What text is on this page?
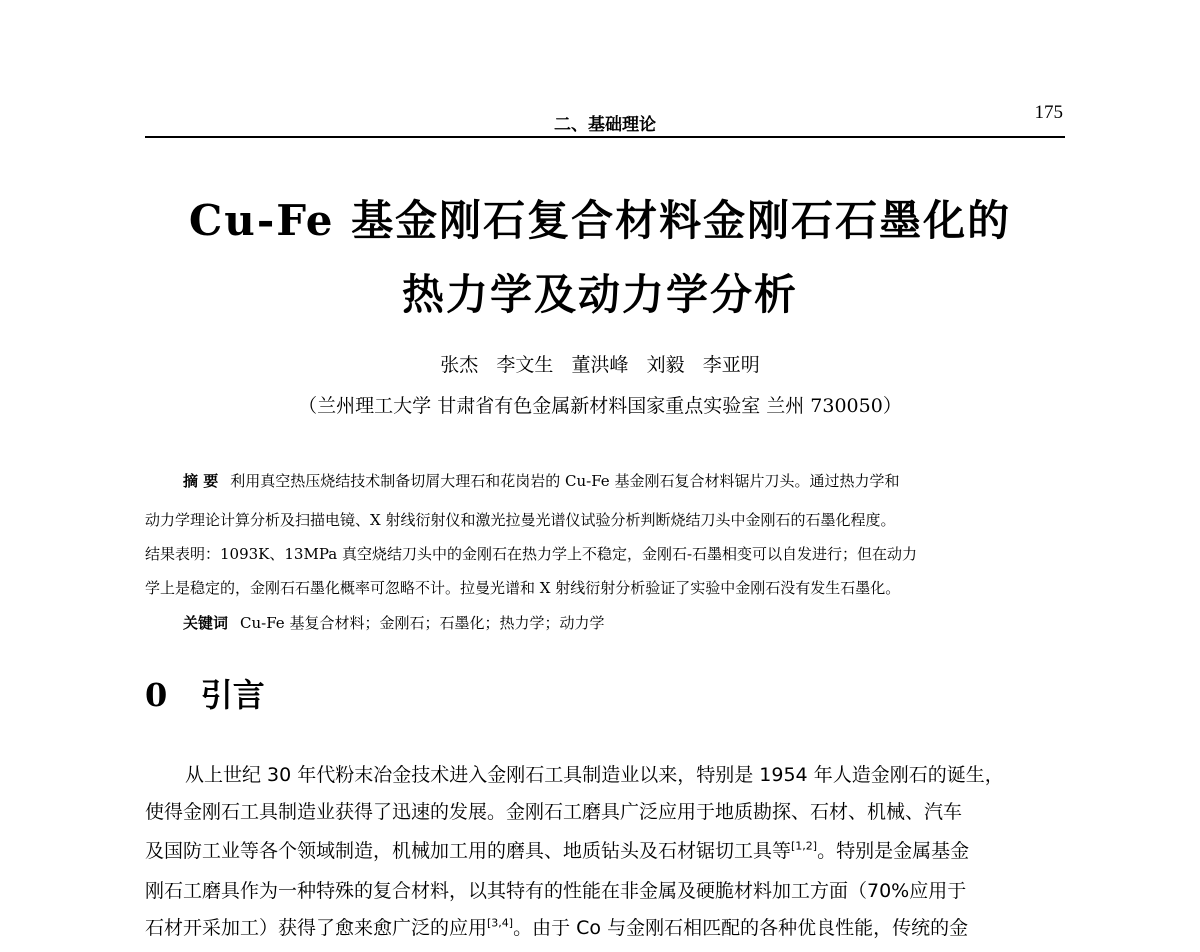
二、基础理论
175
Cu-Fe 基金刚石复合材料金刚石石墨化的
热力学及动力学分析
张杰   李文生   董洪峰   刘毅   李亚明
（兰州理工大学 甘肃省有色金属新材料国家重点实验室 兰州 730050）
摘 要 利用真空热压烧结技术制备切屑大理石和花岗岩的 Cu-Fe 基金刚石复合材料锯片刀头。通过热力学和
动力学理论计算分析及扫描电镜、X 射线衍射仪和激光拉曼光谱仪试验分析判断烧结刀头中金刚石的石墨化程度。
结果表明：1093K、13MPa 真空烧结刀头中的金刚石在热力学上不稳定，金刚石-石墨相变可以自发进行；但在动力
学上是稳定的，金刚石石墨化概率可忽略不计。拉曼光谱和 X 射线衍射分析验证了实验中金刚石没有发生石墨化。
关键词 Cu-Fe 基复合材料；金刚石；石墨化；热力学；动力学
0 引言
从上世纪 30 年代粉末冶金技术进入金刚石工具制造业以来，特别是 1954 年人造金刚石的诞生，
使得金刚石工具制造业获得了迅速的发展。金刚石工磨具广泛应用于地质勘探、石材、机械、汽车
及国防工业等各个领域制造，机械加工用的磨具、地质钻头及石材锯切工具等[1,2]。特别是金属基金
刚石工磨具作为一种特殊的复合材料，以其特有的性能在非金属及硬脆材料加工方面（70%应用于
石材开采加工）获得了愈来愈广泛的应用[3,4]。由于 Co 与金刚石相匹配的各种优良性能，传统的金
